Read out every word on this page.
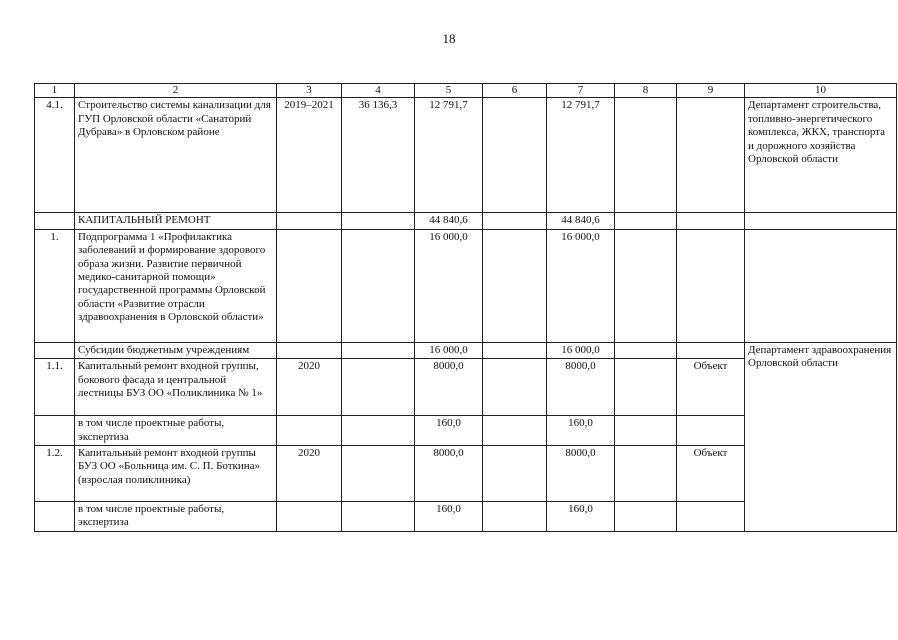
18
1	2	3	4	5	6	7	8	9	10
4.1.	Строительство системы канализации для ГУП Орловской области «Санаторий Дубрава» в Орловском районе	2019–2021	36 136,3	12 791,7		12 791,7			Департамент строительства, топливно-энергетического комплекса, ЖКХ, транспорта и дорожного хозяйства Орловской области
	КАПИТАЛЬНЫЙ РЕМОНТ			44 840,6		44 840,6			
1.	Подпрограмма 1 «Профилактика заболеваний и формирование здорового образа жизни. Развитие первичной медико-санитарной помощи» государственной программы Орловской области «Развитие отрасли здравоохранения в Орловской области»			16 000,0		16 000,0			
	Субсидии бюджетным учреждениям			16 000,0		16 000,0			Департамент здравоохранения Орловской области
1.1.	Капитальный ремонт входной группы, бокового фасада и центральной лестницы БУЗ ОО «Поликлиника № 1»	2020		8000,0		8000,0		Объект	
	в том числе проектные работы, экспертиза			160,0		160,0			
1.2.	Капитальный ремонт входной группы БУЗ ОО «Больница им. С. П. Боткина» (взрослая поликлиника)	2020		8000,0		8000,0		Объект	
	в том числе проектные работы, экспертиза			160,0		160,0			
